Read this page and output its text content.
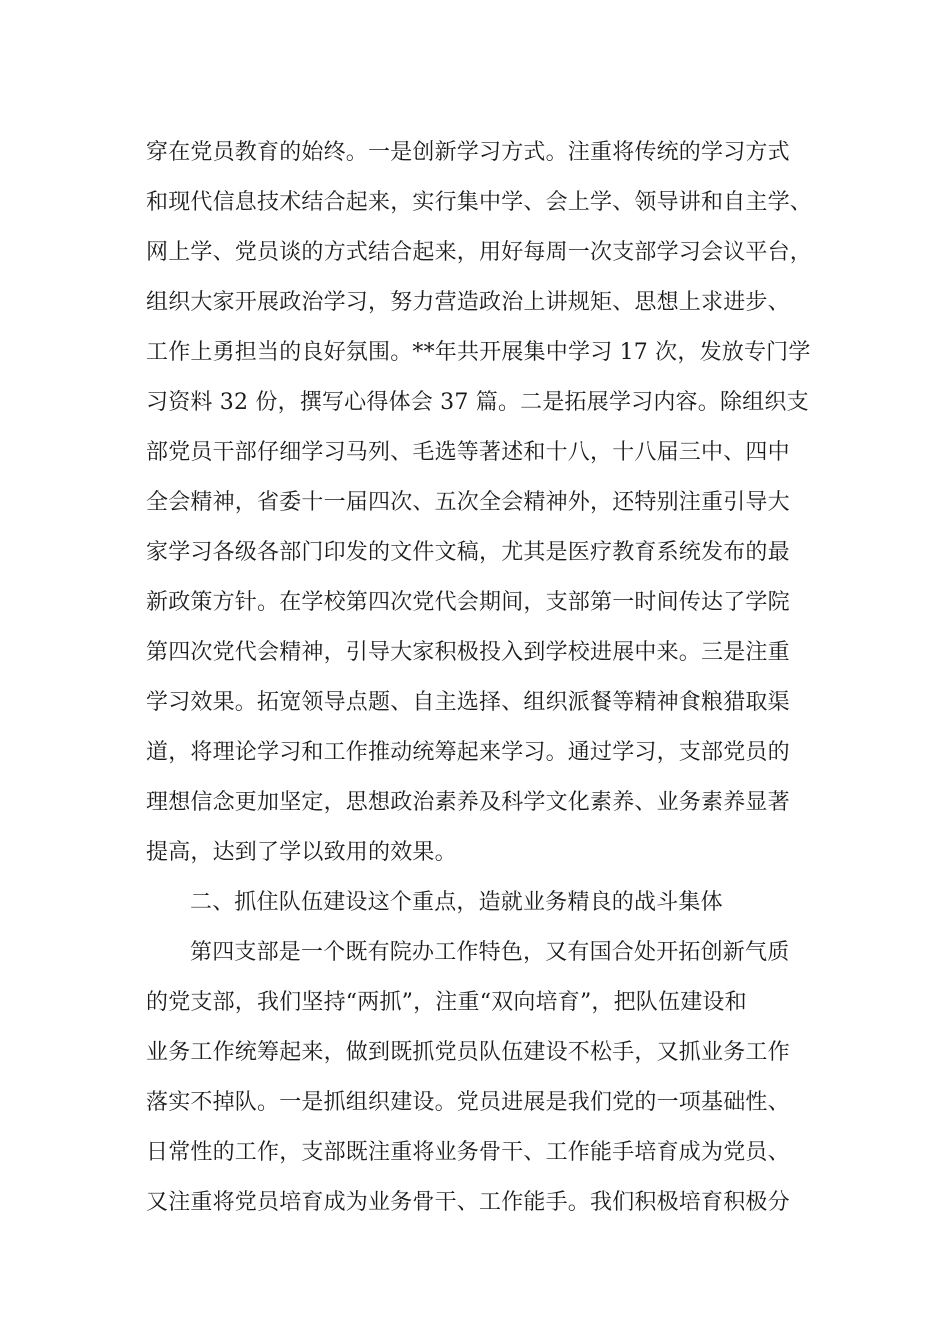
穿在党员教育的始终。一是创新学习方式。注重将传统的学习方式
和现代信息技术结合起来，实行集中学、会上学、领导讲和自主学、
网上学、党员谈的方式结合起来，用好每周一次支部学习会议平台，
组织大家开展政治学习，努力营造政治上讲规矩、思想上求进步、
工作上勇担当的良好氛围。**年共开展集中学习 17 次，发放专门学
习资料 32 份，撰写心得体会 37 篇。二是拓展学习内容。除组织支
部党员干部仔细学习马列、毛选等著述和十八，十八届三中、四中
全会精神，省委十一届四次、五次全会精神外，还特别注重引导大
家学习各级各部门印发的文件文稿，尤其是医疗教育系统发布的最
新政策方针。在学校第四次党代会期间，支部第一时间传达了学院
第四次党代会精神，引导大家积极投入到学校进展中来。三是注重
学习效果。拓宽领导点题、自主选择、组织派餐等精神食粮猎取渠
道，将理论学习和工作推动统筹起来学习。通过学习，支部党员的
理想信念更加坚定，思想政治素养及科学文化素养、业务素养显著
提高，达到了学以致用的效果。
二、抓住队伍建设这个重点，造就业务精良的战斗集体
第四支部是一个既有院办工作特色，又有国合处开拓创新气质
的党支部，我们坚持“两抓”，注重“双向培育”，把队伍建设和
业务工作统筹起来，做到既抓党员队伍建设不松手，又抓业务工作
落实不掉队。一是抓组织建设。党员进展是我们党的一项基础性、
日常性的工作，支部既注重将业务骨干、工作能手培育成为党员、
又注重将党员培育成为业务骨干、工作能手。我们积极培育积极分
